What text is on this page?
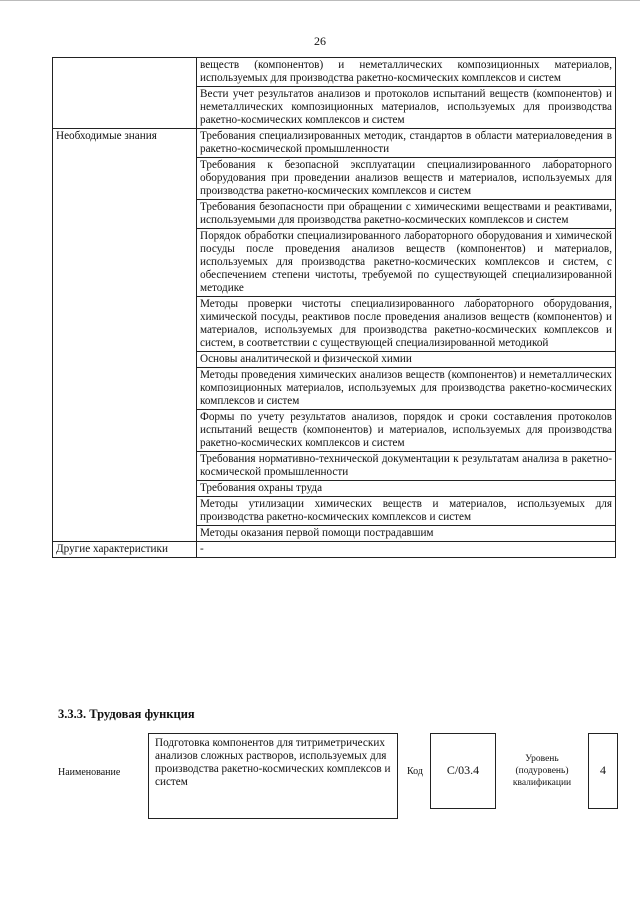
26
	веществ (компонентов) и неметаллических композиционных материалов, используемых для производства ракетно-космических комплексов и систем
	Вести учет результатов анализов и протоколов испытаний веществ (компонентов) и неметаллических композиционных материалов, используемых для производства ракетно-космических комплексов и систем
Необходимые знания	Требования специализированных методик, стандартов в области материаловедения в ракетно-космической промышленности
	Требования к безопасной эксплуатации специализированного лабораторного оборудования при проведении анализов веществ и материалов, используемых для производства ракетно-космических комплексов и систем
	Требования безопасности при обращении с химическими веществами и реактивами, используемыми для производства ракетно-космических комплексов и систем
	Порядок обработки специализированного лабораторного оборудования и химической посуды после проведения анализов веществ (компонентов) и материалов, используемых для производства ракетно-космических комплексов и систем, с обеспечением степени чистоты, требуемой по существующей специализированной методике
	Методы проверки чистоты специализированного лабораторного оборудования, химической посуды, реактивов после проведения анализов веществ (компонентов) и материалов, используемых для производства ракетно-космических комплексов и систем, в соответствии с существующей специализированной методикой
	Основы аналитической и физической химии
	Методы проведения химических анализов веществ (компонентов) и неметаллических композиционных материалов, используемых для производства ракетно-космических комплексов и систем
	Формы по учету результатов анализов, порядок и сроки составления протоколов испытаний веществ (компонентов) и материалов, используемых для производства ракетно-космических комплексов и систем
	Требования нормативно-технической документации к результатам анализа в ракетно-космической промышленности
	Требования охраны труда
	Методы утилизации химических веществ и материалов, используемых для производства ракетно-космических комплексов и систем
	Методы оказания первой помощи пострадавшим
Другие характеристики	-
3.3.3. Трудовая функция
Наименование
Подготовка компонентов для титриметрических анализов сложных растворов, используемых для производства ракетно-космических комплексов и систем
Код	C/03.4
Уровень (подуровень) квалификации
4
